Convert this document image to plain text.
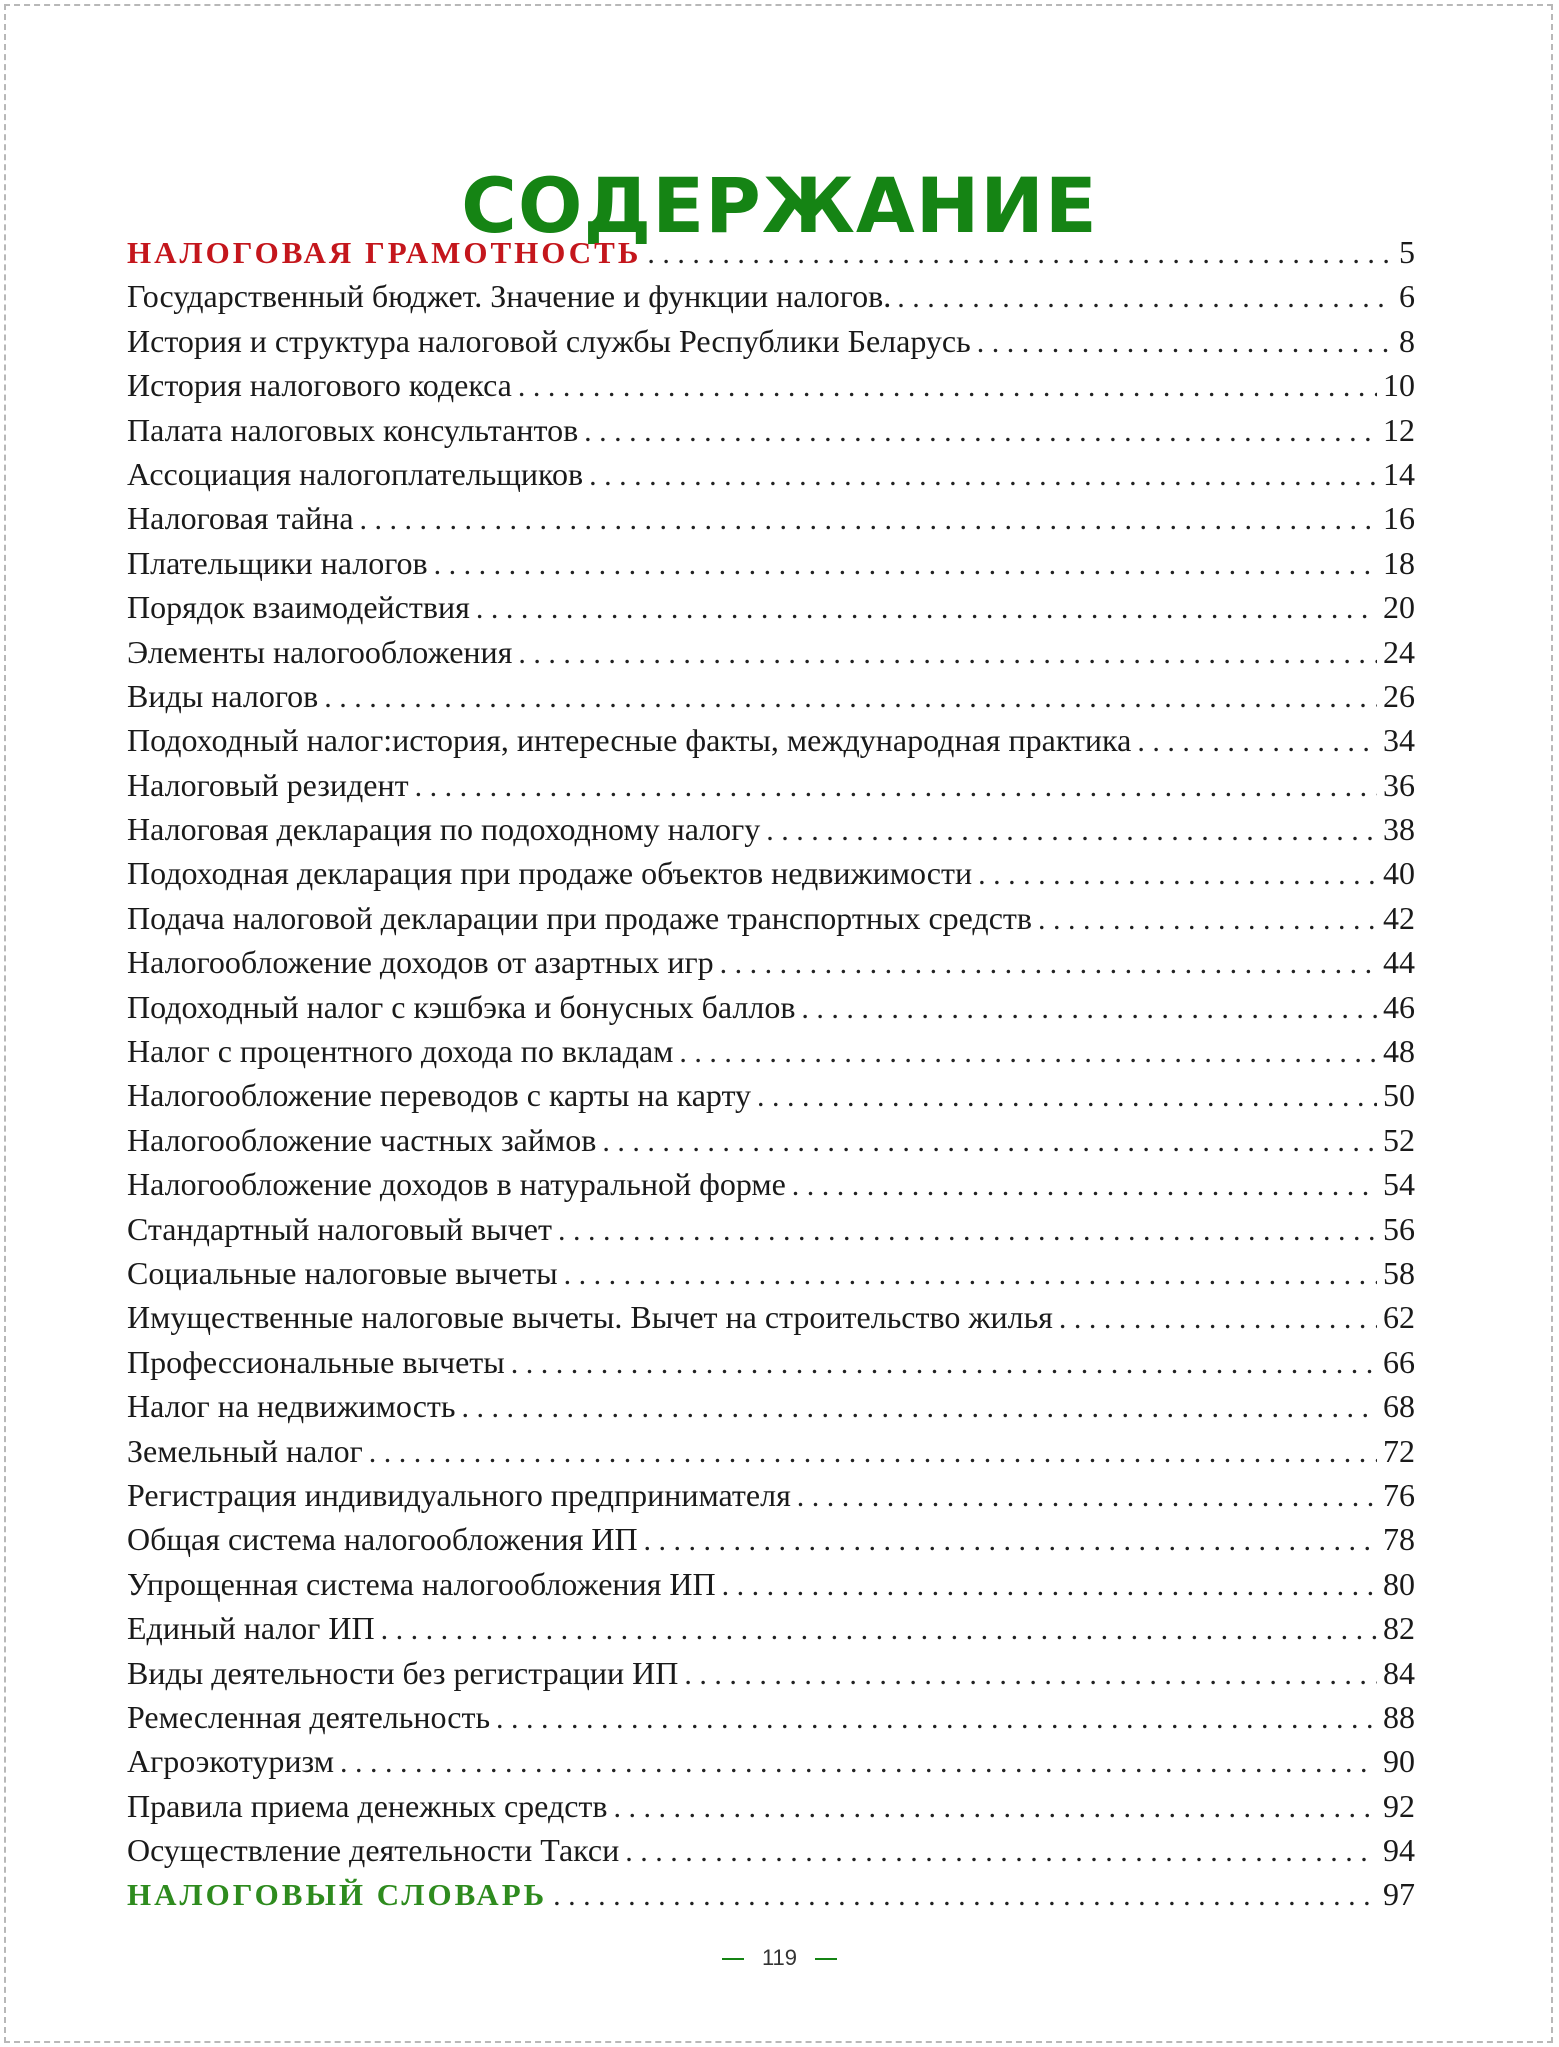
СОДЕРЖАНИЕ
НАЛОГОВАЯ ГРАМОТНОСТЬ . . .	5
Государственный бюджет. Значение и функции налогов. . . .	6
История и структура налоговой службы Республики Беларусь . . .	8
История налогового кодекса . . .	10
Палата налоговых консультантов . . .	12
Ассоциация налогоплательщиков . . .	14
Налоговая тайна . . .	16
Плательщики налогов . . .	18
Порядок взаимодействия . . .	20
Элементы налогообложения . . .	24
Виды налогов . . .	26
Подоходный налог:история, интересные факты, международная практика . . .	34
Налоговый резидент . . .	36
Налоговая декларация по подоходному налогу . . .	38
Подоходная декларация при продаже объектов недвижимости . . .	40
Подача налоговой декларации при продаже транспортных средств . . .	42
Налогообложение доходов от азартных игр . . .	44
Подоходный налог с кэшбэка и бонусных баллов . . .	46
Налог с процентного дохода по вкладам . . .	48
Налогообложение переводов с карты на карту . . .	50
Налогообложение частных займов . . .	52
Налогообложение доходов в натуральной форме . . .	54
Стандартный налоговый вычет . . .	56
Социальные налоговые вычеты . . .	58
Имущественные налоговые вычеты. Вычет на строительство жилья . . .	62
Профессиональные вычеты . . .	66
Налог на недвижимость . . .	68
Земельный налог . . .	72
Регистрация индивидуального предпринимателя . . .	76
Общая система налогообложения ИП . . .	78
Упрощенная система налогообложения ИП . . .	80
Единый налог ИП . . .	82
Виды деятельности без регистрации ИП . . .	84
Ремесленная деятельность . . .	88
Агроэкотуризм . . .	90
Правила приема денежных средств . . .	92
Осуществление деятельности Такси . . .	94
НАЛОГОВЫЙ СЛОВАРЬ . . .	97
119
